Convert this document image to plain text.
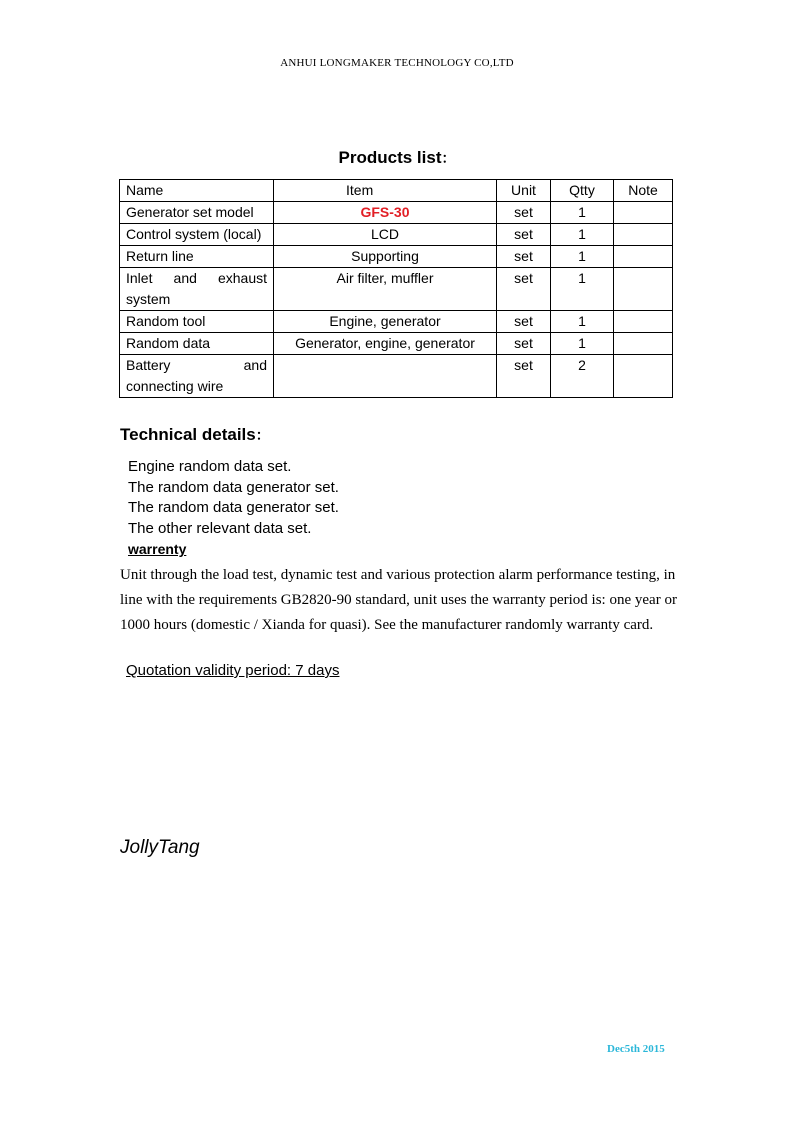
ANHUI LONGMAKER TECHNOLOGY CO,LTD
Products list：
Name	Item	Unit	Qtty	Note
Generator set model	GFS-30	set	1	
Control system (local)	LCD	set	1	
Return line	Supporting	set	1	
Inlet and exhaust system	Air filter, muffler	set	1	
Random tool	Engine, generator	set	1	
Random data	Generator, engine, generator	set	1	
Battery and connecting wire		set	2	
Technical details：
Engine random data set.
The random data generator set.
The random data generator set.
The other relevant data set.
warrenty
Unit through the load test, dynamic test and various protection alarm performance testing, in line with the requirements GB2820-90 standard, unit uses the warranty period is: one year or 1000 hours (domestic / Xianda for quasi). See the manufacturer randomly warranty card.
Quotation validity period: 7 days
JollyTang
Dec5th 2015
